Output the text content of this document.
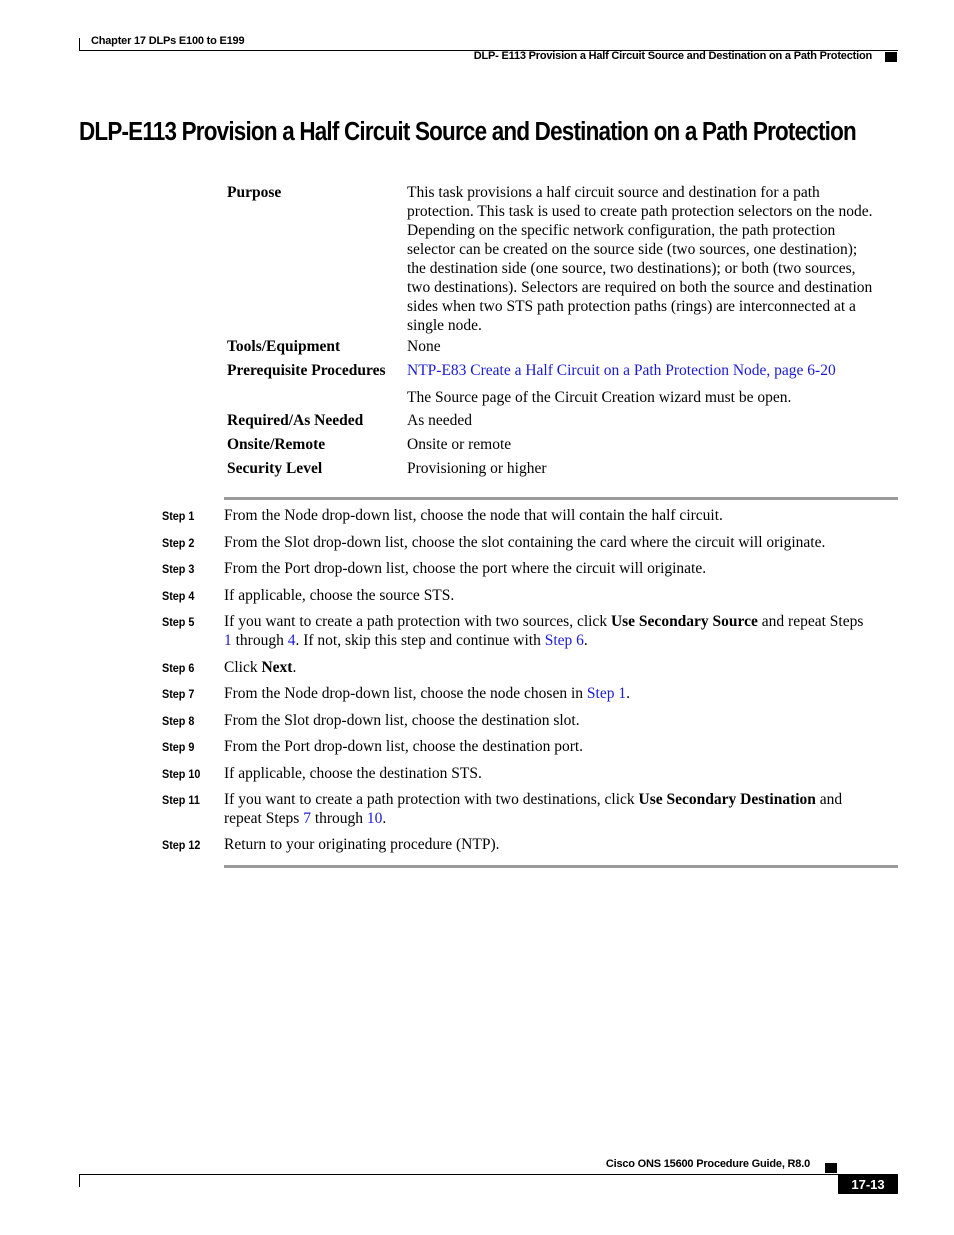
Chapter 17 DLPs E100 to E199
DLP- E113 Provision a Half Circuit Source and Destination on a Path Protection
DLP-E113 Provision a Half Circuit Source and Destination on a Path Protection
Purpose	This task provisions a half circuit source and destination for a path
protection. This task is used to create path protection selectors on the node.
Depending on the specific network configuration, the path protection
selector can be created on the source side (two sources, one destination);
the destination side (one source, two destinations); or both (two sources,
two destinations). Selectors are required on both the source and destination
sides when two STS path protection paths (rings) are interconnected at a
single node.
Tools/Equipment	None
Prerequisite Procedures NTP-E83 Create a Half Circuit on a Path Protection Node, page 6-20
The Source page of the Circuit Creation wizard must be open.
Required/As Needed	As needed
Onsite/Remote	Onsite or remote
Security Level	Provisioning or higher
Step 1 From the Node drop-down list, choose the node that will contain the half circuit.
Step 2 From the Slot drop-down list, choose the slot containing the card where the circuit will originate.
Step 3 From the Port drop-down list, choose the port where the circuit will originate.
Step 4 If applicable, choose the source STS.
Step 5 If you want to create a path protection with two sources, click Use Secondary Source and repeat Steps
1 through 4. If not, skip this step and continue with Step 6.
Step 6 Click Next.
Step 7 From the Node drop-down list, choose the node chosen in Step 1.
Step 8 From the Slot drop-down list, choose the destination slot.
Step 9 From the Port drop-down list, choose the destination port.
Step 10 If applicable, choose the destination STS.
Step 11 If you want to create a path protection with two destinations, click Use Secondary Destination and
repeat Steps 7 through 10.
Step 12 Return to your originating procedure (NTP).
Cisco ONS 15600 Procedure Guide, R8.0
17-13
